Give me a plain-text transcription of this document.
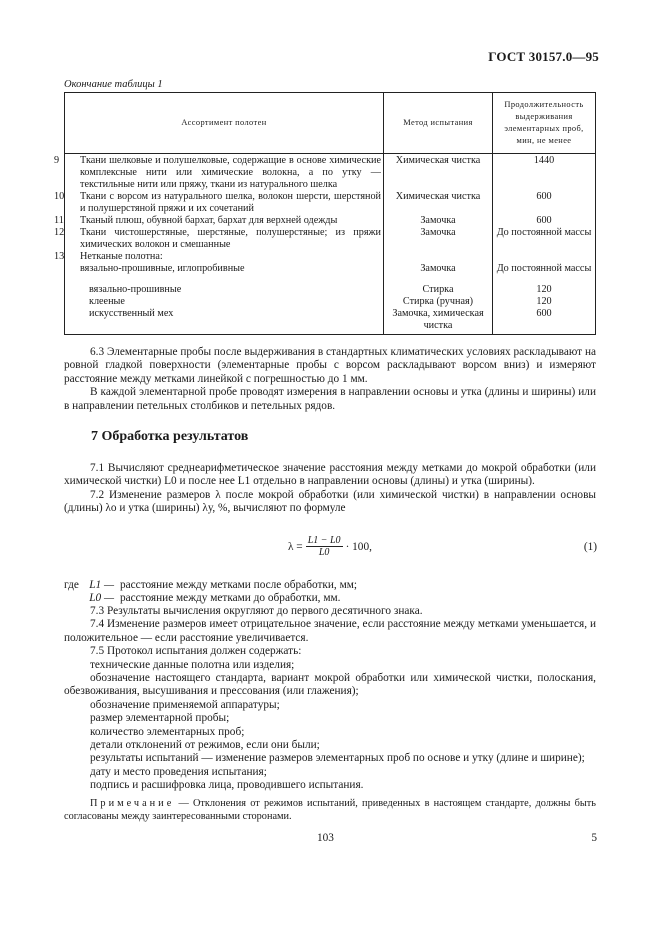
ГОСТ 30157.0—95
Окончание таблицы 1
Ассортимент полотен	Метод испытания	Продолжительность выдерживания элементарных проб, мин, не менее

9 Ткани шелковые и полушелковые, содержащие в основе химические комплексные нити или химические волокна, а по утку — текстильные нити или пряжу, ткани из натурального шелка	Химическая чистка	1440

10 Ткани с ворсом из натурального шелка, волокон шерсти, шерстяной и полушерстяной пряжи и их сочетаний	Химическая чистка	600

11 Тканый плюш, обувной бархат, бархат для верхней одежды	Замочка	600

12 Ткани чистошерстяные, шерстяные, полушерстяные; из пряжи химических волокон и смешанные	Замочка	До постоянной массы

13 Нетканые полотна:		

вязально-прошивные, иглопробивные	Замочка	До постоянной массы

вязально-прошивные	Стирка	120

клееные	Стирка (ручная)	120

искусственный мех	Замочка, химическая чистка	600

6.3 Элементарные пробы после выдерживания в стандартных климатических условиях раскладывают на ровной гладкой поверхности (элементарные пробы с ворсом раскладывают ворсом вниз) и измеряют расстояние между метками линейкой с погрешностью до 1 мм.

В каждой элементарной пробе проводят измерения в направлении основы и утка (длины и ширины) или в направлении петельных столбиков и петельных рядов.

7 Обработка результатов

7.1 Вычисляют среднеарифметическое значение расстояния между метками до мокрой обработки (или химической чистки) L0 и после нее L1 отдельно в направлении основы (длины) и утка (ширины).

7.2 Изменение размеров λ после мокрой обработки (или химической чистки) в направлении основы (длины) λо и утка (ширины) λу, %, вычисляют по формуле

$\lambda = \frac{L1 - L0}{L0} \cdot 100$,	(1)
где L1 — расстояние между метками после обработки, мм;
L0 — расстояние между метками до обработки, мм.

7.3 Результаты вычисления округляют до первого десятичного знака.

7.4 Изменение размеров имеет отрицательное значение, если расстояние между метками уменьшается, и положительное — если расстояние увеличивается.

7.5 Протокол испытания должен содержать:

технические данные полотна или изделия;

обозначение настоящего стандарта, вариант мокрой обработки или химической чистки, полоскания, обезвоживания, высушивания и прессования (или глажения);

обозначение применяемой аппаратуры;

размер элементарной пробы;

количество элементарных проб;

детали отклонений от режимов, если они были;

результаты испытаний — изменение размеров элементарных проб по основе и утку (длине и ширине);

дату и место проведения испытания;

подпись и расшифровка лица, проводившего испытания.

Примечание — Отклонения от режимов испытаний, приведенных в настоящем стандарте, должны быть согласованы между заинтересованными сторонами.
103	5
